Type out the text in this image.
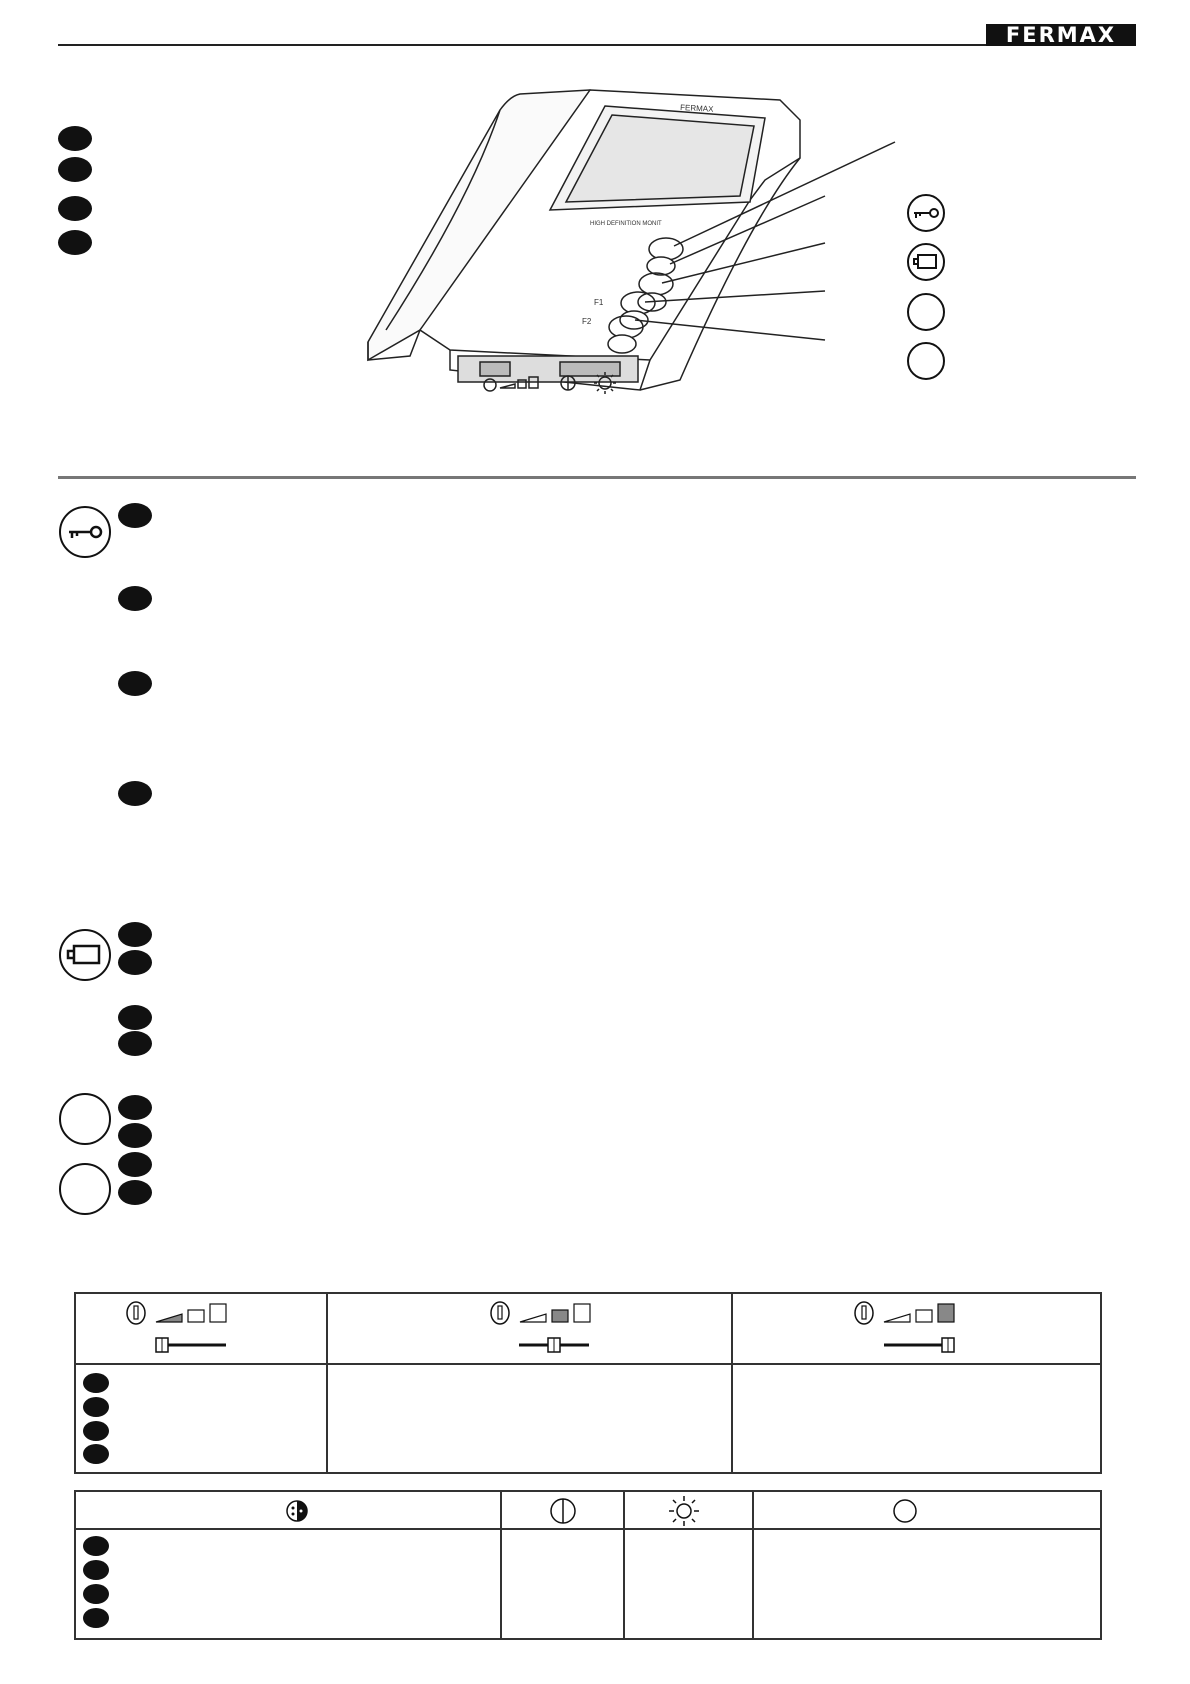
FERMAX
FERMAX
HIGH DEFINITION MONIT
F1
F2
